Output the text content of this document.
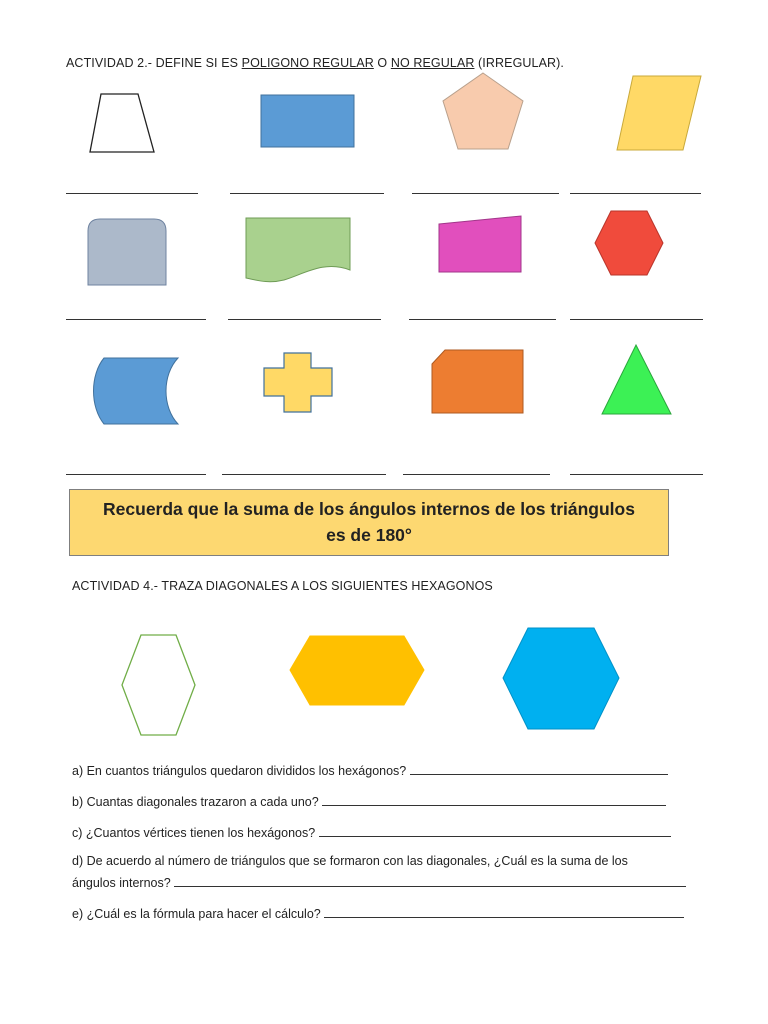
ACTIVIDAD 2.- DEFINE SI ES POLIGONO REGULAR O NO REGULAR (IRREGULAR).
Recuerda que la suma de los ángulos internos de los triángulos
es de 180°
ACTIVIDAD 4.- TRAZA DIAGONALES A LOS SIGUIENTES HEXAGONOS
a) En cuantos triángulos quedaron divididos los hexágonos?
b) Cuantas diagonales trazaron a cada uno?
c) ¿Cuantos vértices tienen los hexágonos?
d) De acuerdo al número de triángulos que se formaron con las diagonales, ¿Cuál es la suma de los
ángulos internos?
e) ¿Cuál es la fórmula para hacer el cálculo?
